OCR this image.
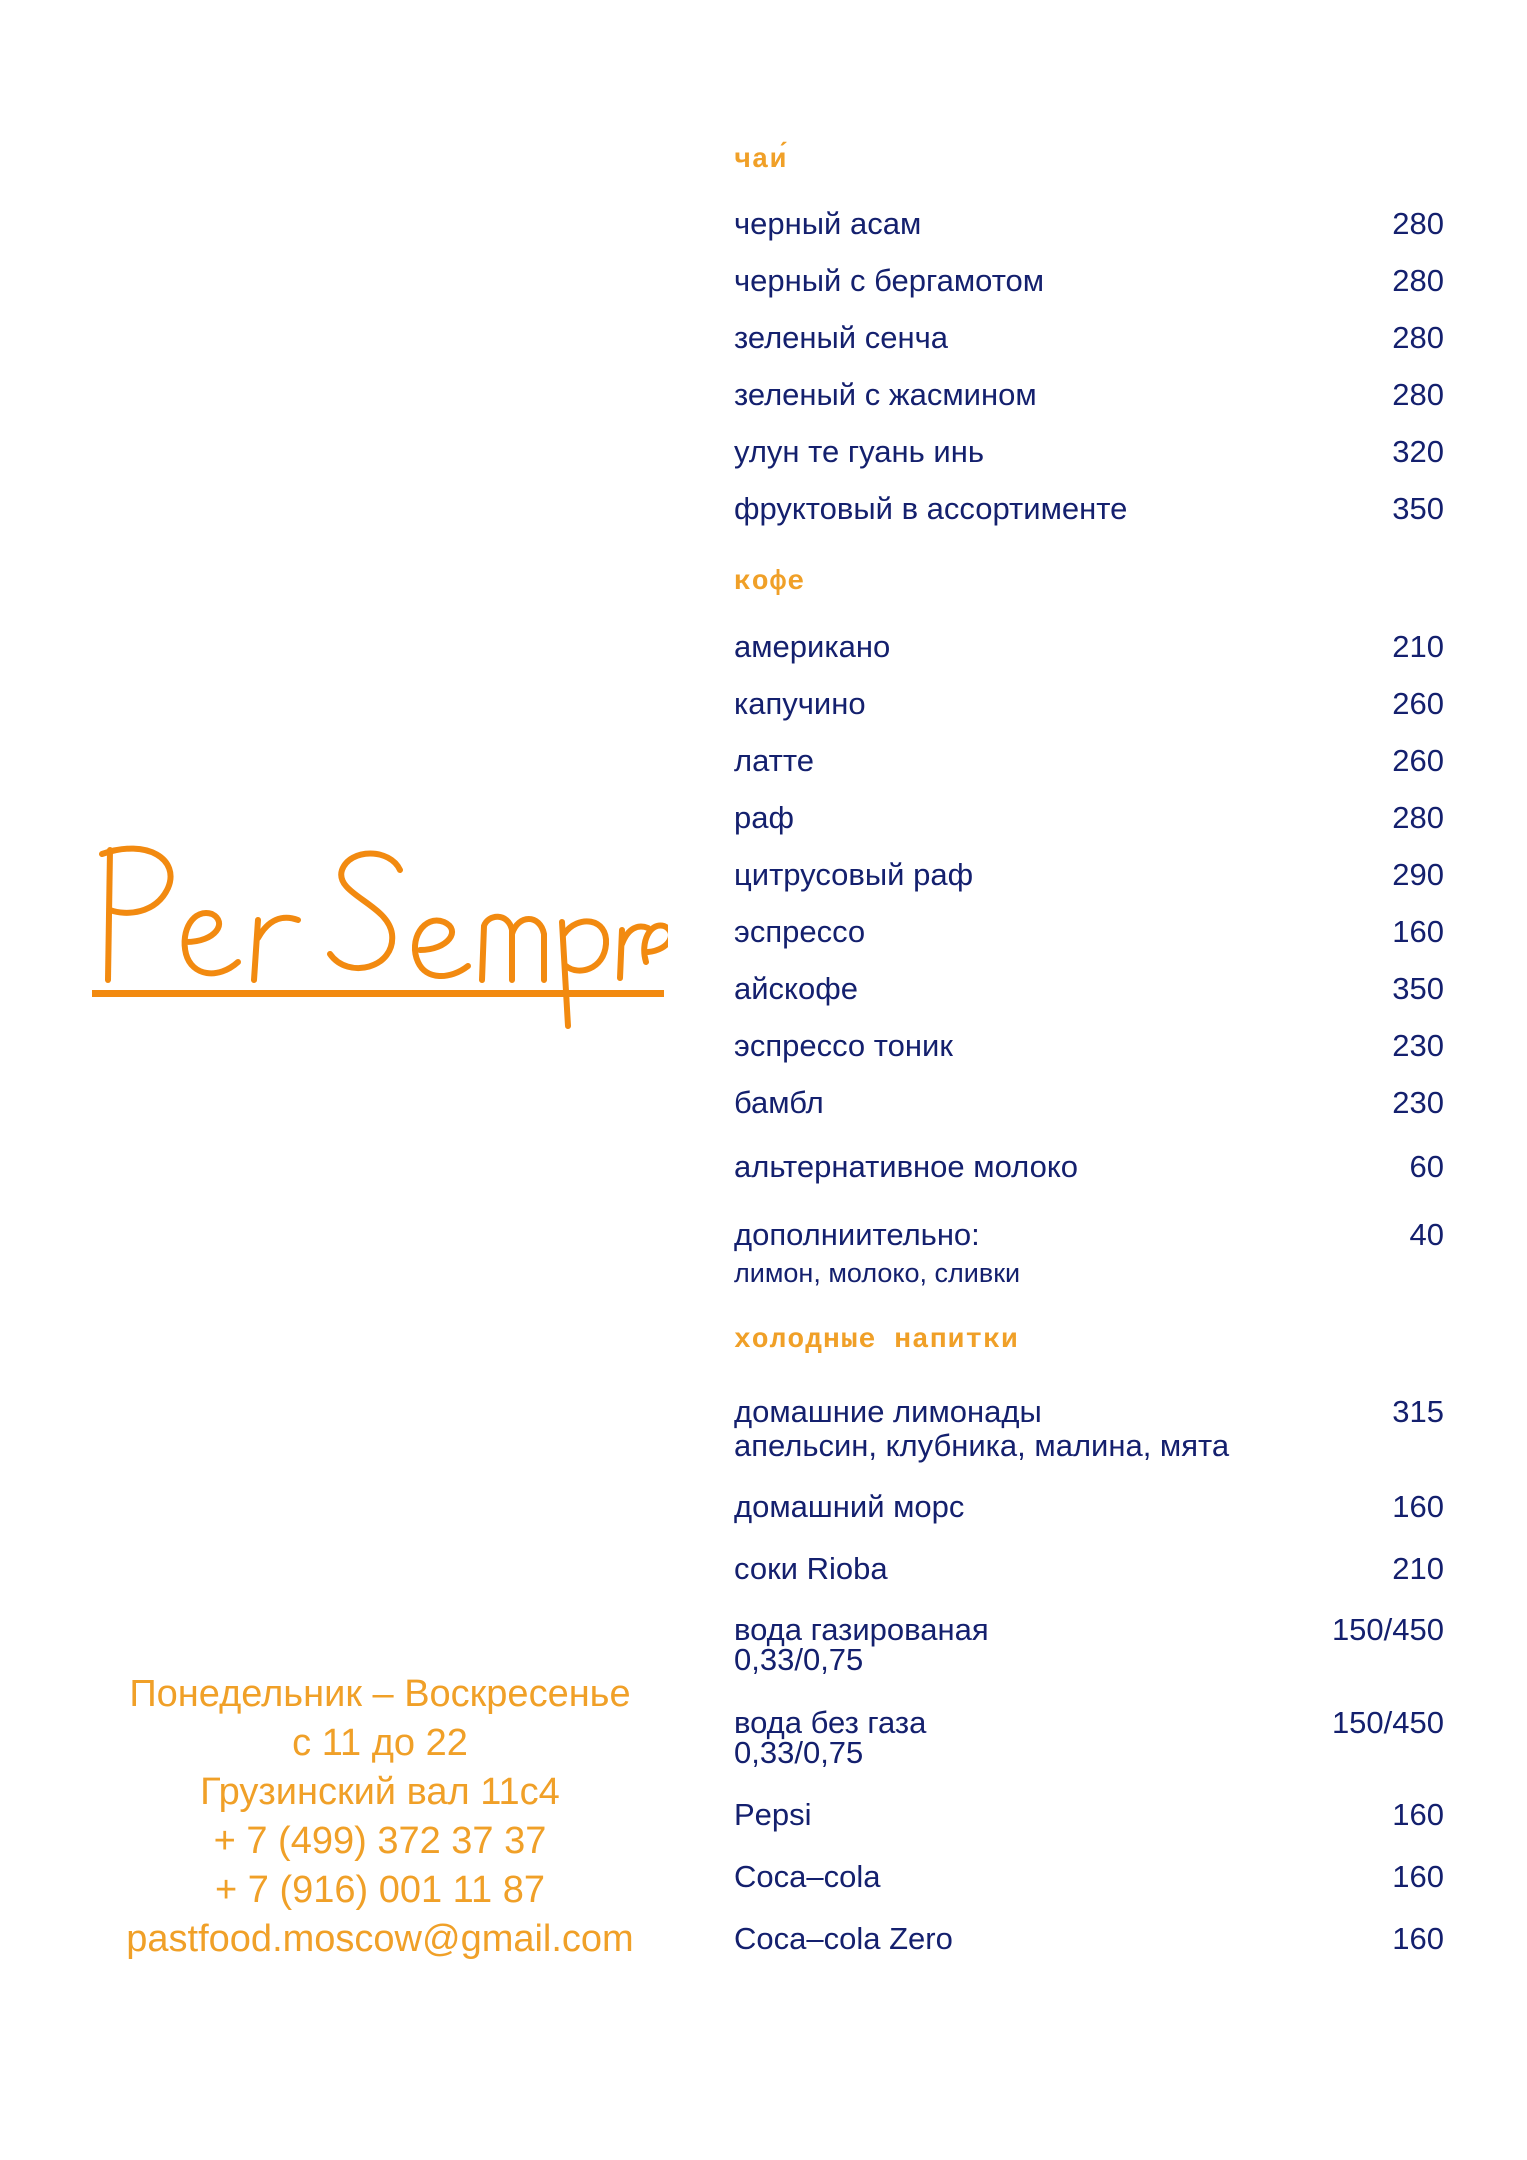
Понедельник – Воскресенье
с 11 до 22
Грузинский вал 11с4
+ 7 (499) 372 37 37
+ 7 (916) 001 11 87
pastfood.moscow@gmail.com
чаи́
черный асам	280
черный с бергамотом	280
зеленый сенча	280
зеленый с жасмином	280
улун те гуань инь	320
фруктовый в ассортименте	350
кофе
американо	210
капучино	260
латте	260
раф	280
цитрусовый раф	290
эспрессо	160
айскофе	350
эспрессо тоник	230
бамбл	230
альтернативное молоко	60
дополниительно:	40
лимон, молоко, сливки
холодные напитки
домашние лимонады	315
апельсин, клубника, малина, мята
домашний морс	160
соки Rioba	210
вода газированая	150/450
0,33/0,75
вода без газа	150/450
0,33/0,75
Pepsi	160
Coca–cola	160
Coca–cola Zero	160
